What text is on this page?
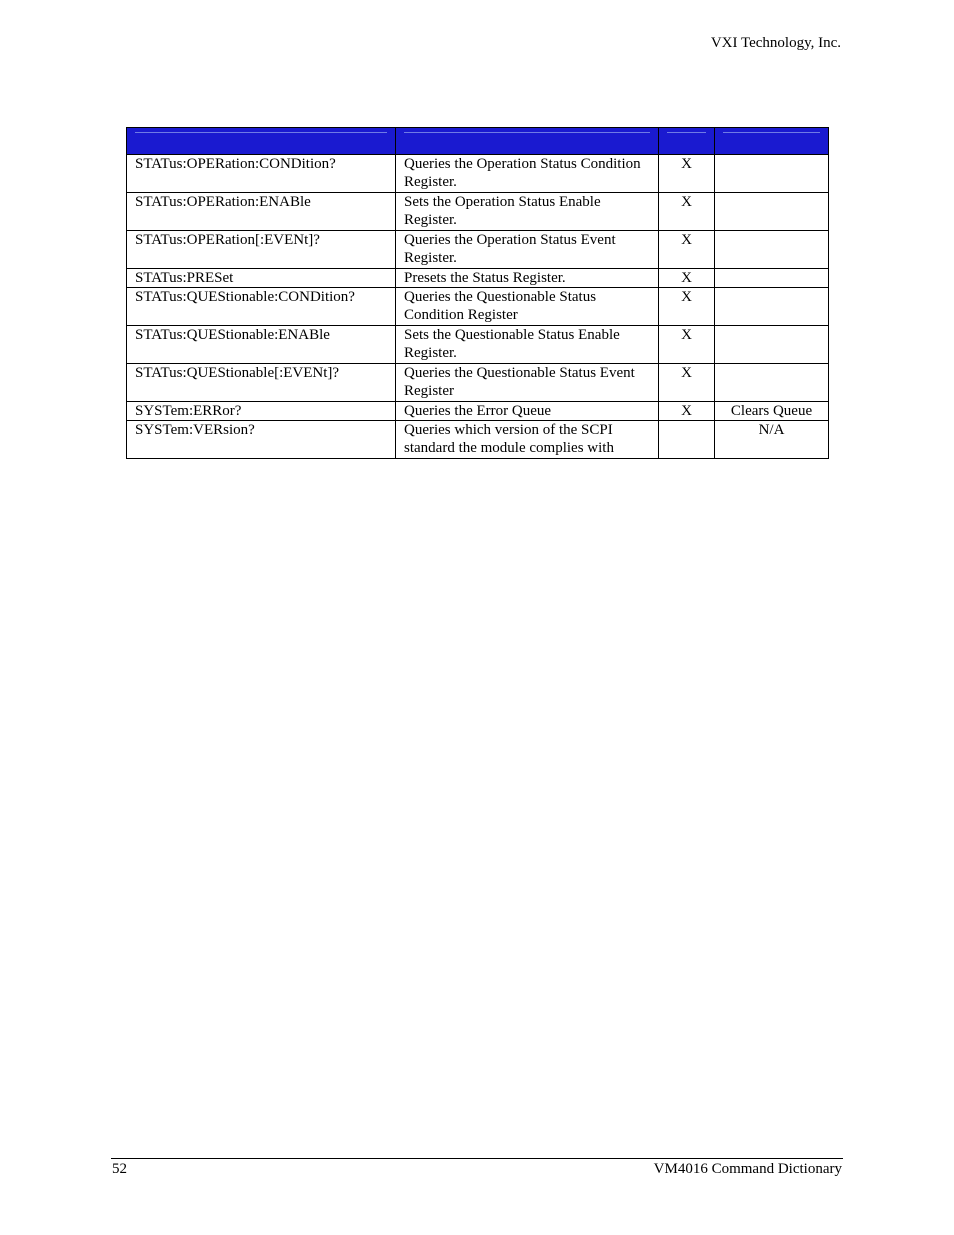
VXI Technology, Inc.

STATus:OPERation:CONDition?	Queries the Operation Status Condition Register.	X	
STATus:OPERation:ENABle	Sets the Operation Status Enable Register.	X	
STATus:OPERation[:EVENt]?	Queries the Operation Status Event Register.	X	
STATus:PRESet	Presets the Status Register.	X	
STATus:QUEStionable:CONDition?	Queries the Questionable Status Condition Register	X	
STATus:QUEStionable:ENABle	Sets the Questionable Status Enable Register.	X	
STATus:QUEStionable[:EVENt]?	Queries the Questionable Status Event Register	X	
SYSTem:ERRor?	Queries the Error Queue	X	Clears Queue
SYSTem:VERsion?	Queries which version of the SCPI standard the module complies with		N/A
52	VM4016 Command Dictionary
